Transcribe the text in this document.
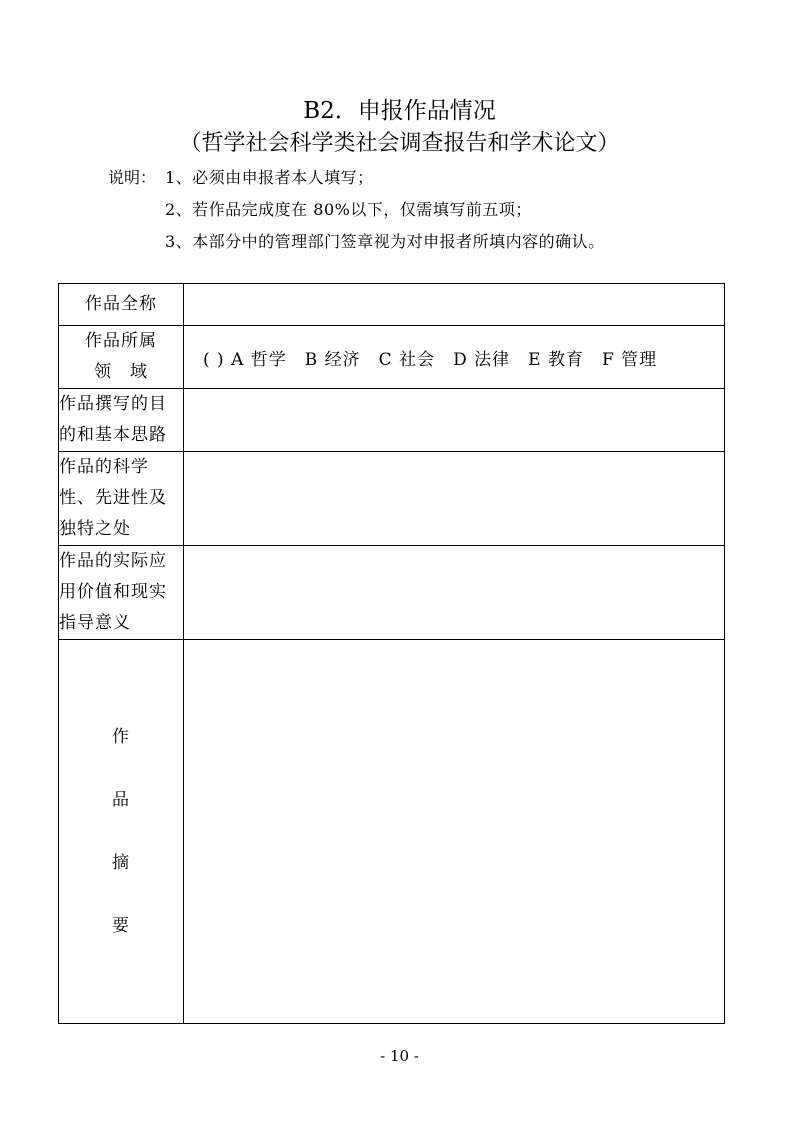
B2．申报作品情况
（哲学社会科学类社会调查报告和学术论文）
说明： 1、必须由申报者本人填写；
2、若作品完成度在 80%以下，仅需填写前五项；
3、本部分中的管理部门签章视为对申报者所填内容的确认。
作品全称	

作品所属
领　域	( ) A 哲学 B 经济 C 社会 D 法律 E 教育 F 管理

作品撰写的目
的和基本思路	

作品的科学
性、先进性及
独特之处	

作品的实际应
用价值和现实
指导意义	

作
品
摘
要	

- 10 -
